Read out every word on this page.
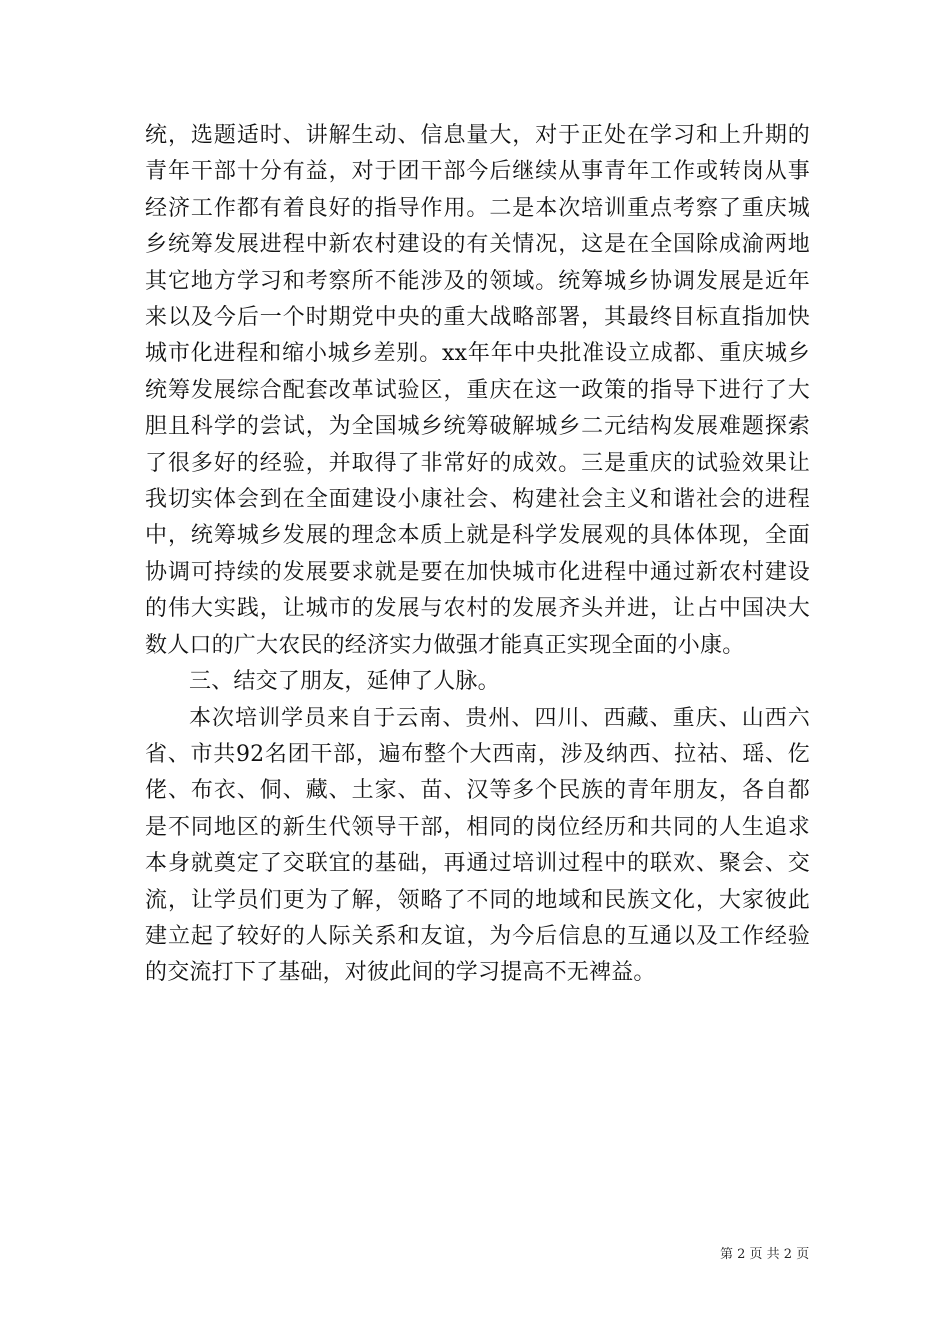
统，选题适时、讲解生动、信息量大，对于正处在学习和上升期的青年干部十分有益，对于团干部今后继续从事青年工作或转岗从事经济工作都有着良好的指导作用。二是本次培训重点考察了重庆城乡统筹发展进程中新农村建设的有关情况，这是在全国除成渝两地其它地方学习和考察所不能涉及的领域。统筹城乡协调发展是近年来以及今后一个时期党中央的重大战略部署，其最终目标直指加快城市化进程和缩小城乡差别。xx年年中央批准设立成都、重庆城乡统筹发展综合配套改革试验区，重庆在这一政策的指导下进行了大胆且科学的尝试，为全国城乡统筹破解城乡二元结构发展难题探索了很多好的经验，并取得了非常好的成效。三是重庆的试验效果让我切实体会到在全面建设小康社会、构建社会主义和谐社会的进程中，统筹城乡发展的理念本质上就是科学发展观的具体体现，全面协调可持续的发展要求就是要在加快城市化进程中通过新农村建设的伟大实践，让城市的发展与农村的发展齐头并进，让占中国决大数人口的广大农民的经济实力做强才能真正实现全面的小康。

三、结交了朋友，延伸了人脉。

本次培训学员来自于云南、贵州、四川、西藏、重庆、山西六省、市共92名团干部，遍布整个大西南，涉及纳西、拉祜、瑶、仡佬、布衣、侗、藏、土家、苗、汉等多个民族的青年朋友，各自都是不同地区的新生代领导干部，相同的岗位经历和共同的人生追求本身就奠定了交联宜的基础，再通过培训过程中的联欢、聚会、交流，让学员们更为了解，领略了不同的地域和民族文化，大家彼此建立起了较好的人际关系和友谊，为今后信息的互通以及工作经验的交流打下了基础，对彼此间的学习提高不无裨益。

第 2 页 共 2 页
